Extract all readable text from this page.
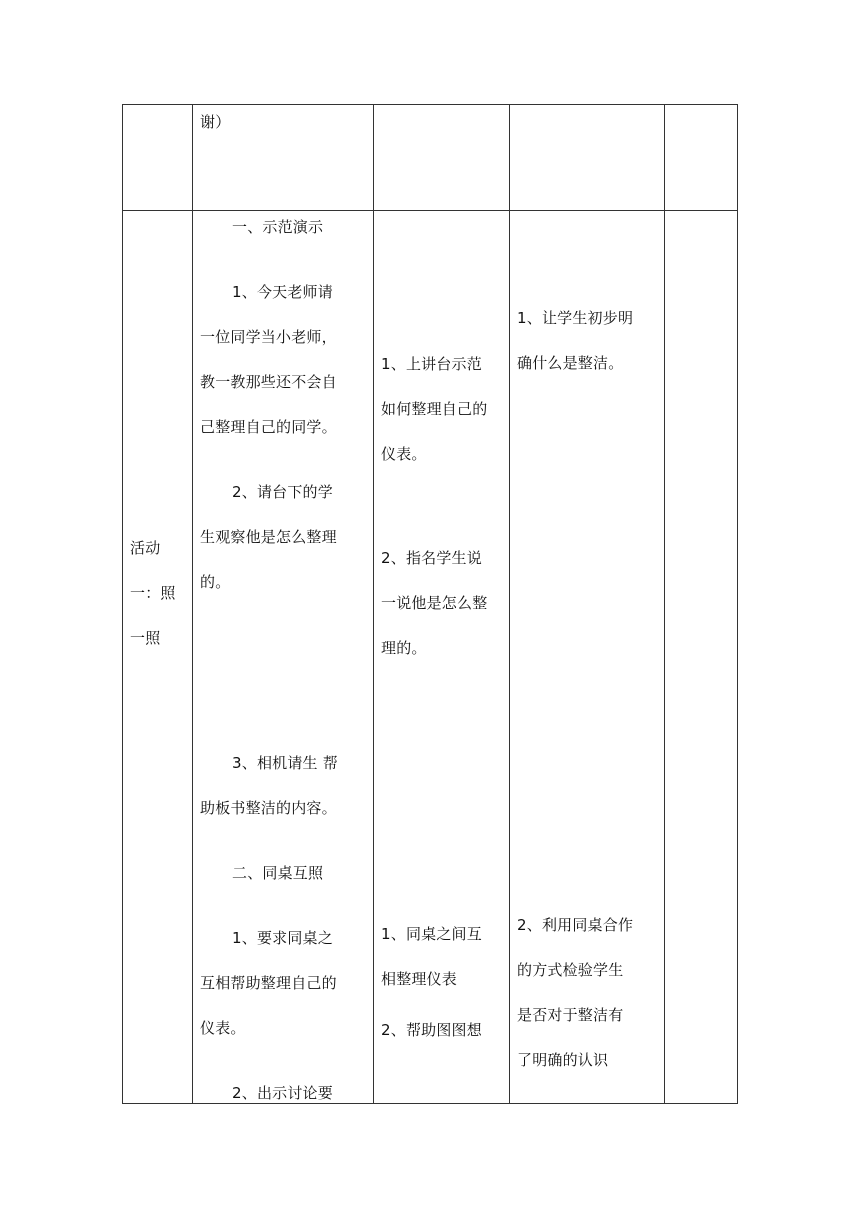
谢）

活动

一：照

一照

一、示范演示

1、今天老师请

一位同学当小老师，

教一教那些还不会自

己整理自己的同学。

2、请台下的学

生观察他是怎么整理

的。

3、相机请生 帮

助板书整洁的内容。

二、同桌互照

1、要求同桌之

互相帮助整理自己的

仪表。

2、出示讨论要

1、上讲台示范

如何整理自己的

仪表。

2、指名学生说

一说他是怎么整

理的。

1、同桌之间互

相整理仪表

2、帮助图图想

1、让学生初步明

确什么是整洁。

2、利用同桌合作

的方式检验学生

是否对于整洁有

了明确的认识
